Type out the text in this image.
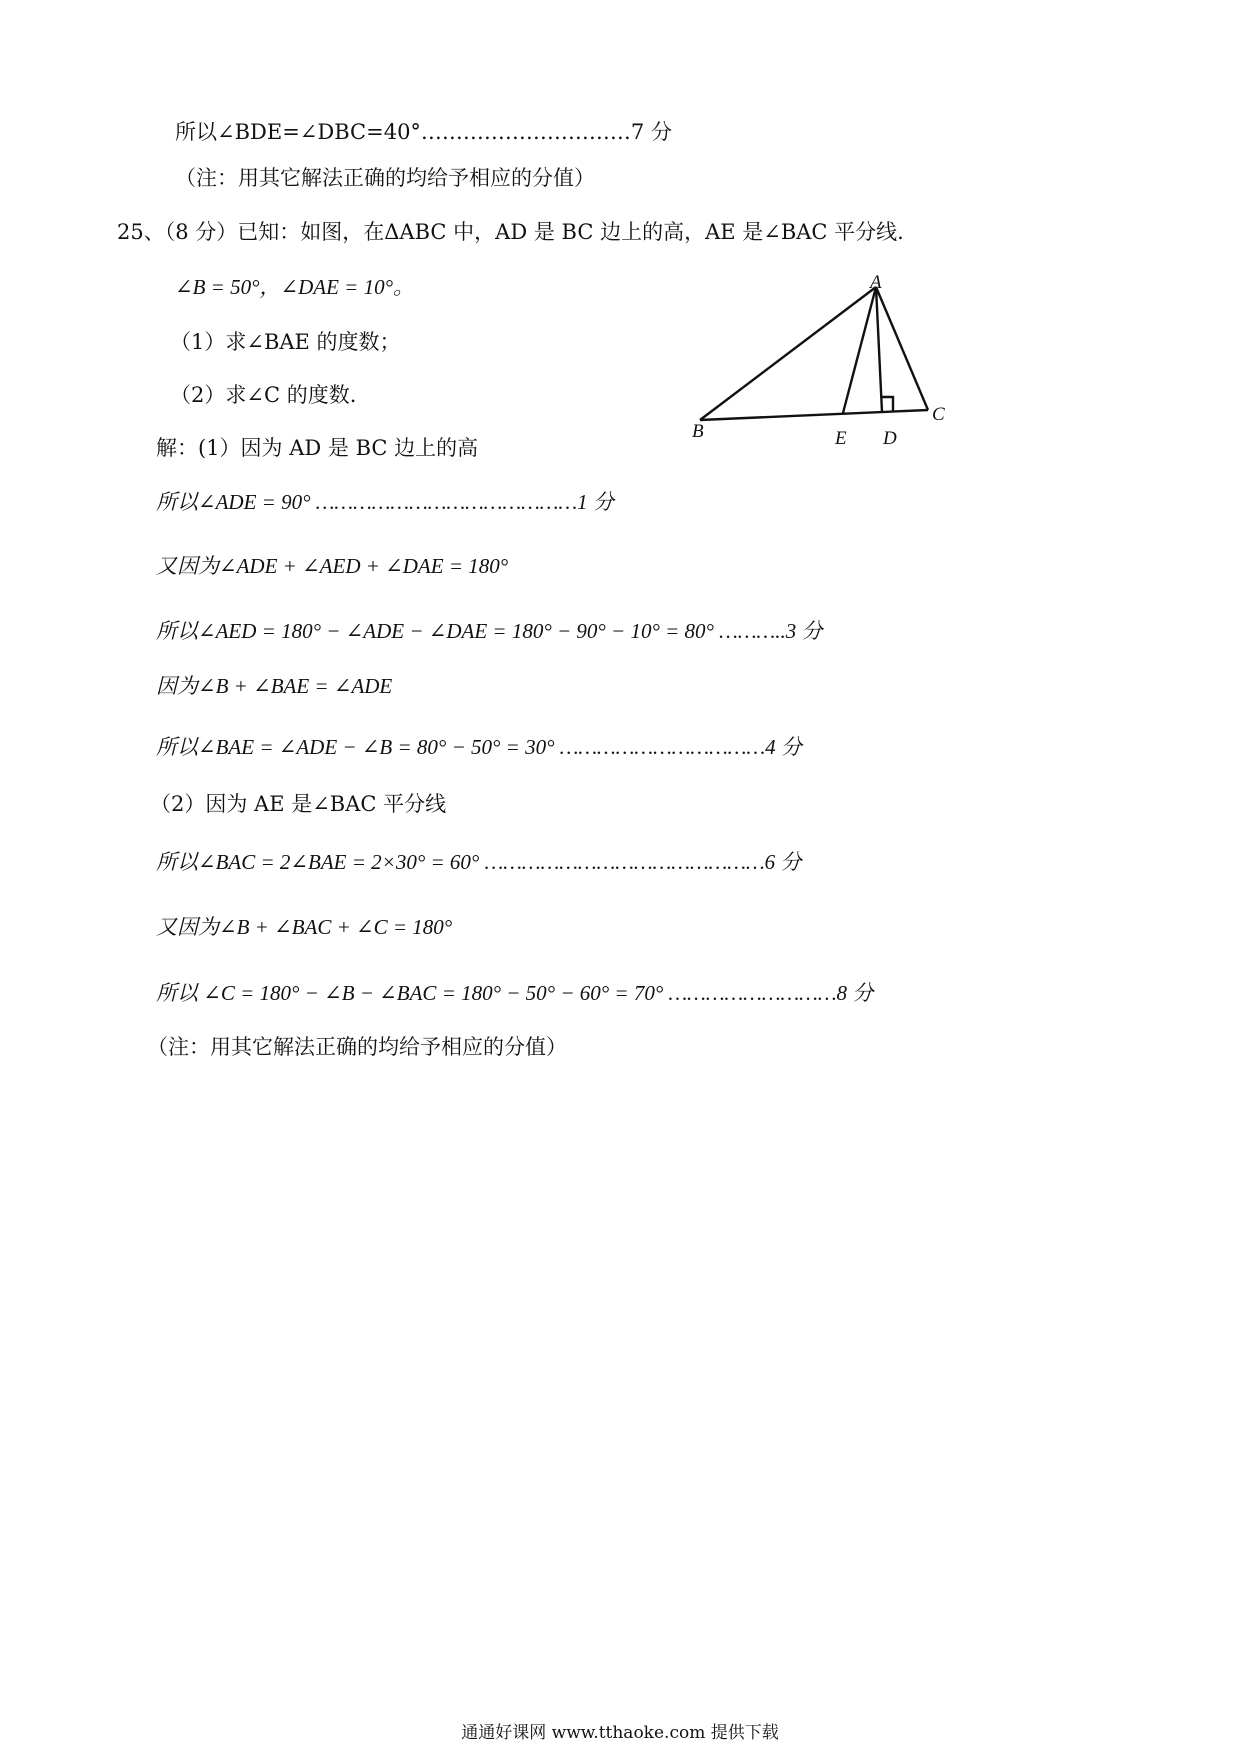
所以∠BDE=∠DBC=40°…………………………7 分
（注：用其它解法正确的均给予相应的分值）
25、（8 分）已知：如图，在ΔABC 中，AD 是 BC 边上的高，AE 是∠BAC 平分线.
∠B = 50°，∠DAE = 10°。
（1）求∠BAE 的度数；
（2）求∠C 的度数.
解：(1）因为 AD 是 BC 边上的高
A
B
C
E D
所以∠ADE = 90° ……………………………………1 分
又因为∠ADE + ∠AED + ∠DAE = 180°
所以∠AED = 180° − ∠ADE − ∠DAE = 180° − 90° − 10° = 80° ………..3 分
因为∠B + ∠BAE = ∠ADE
所以∠BAE = ∠ADE − ∠B = 80° − 50° = 30° ……………………………4 分
（2）因为 AE 是∠BAC 平分线
所以∠BAC = 2∠BAE = 2×30° = 60° ………………………………………6 分
又因为∠B + ∠BAC + ∠C = 180°
所以 ∠C = 180° − ∠B − ∠BAC = 180° − 50° − 60° = 70° ………………………8 分
（注：用其它解法正确的均给予相应的分值）
通通好课网 www.tthaoke.com 提供下载
